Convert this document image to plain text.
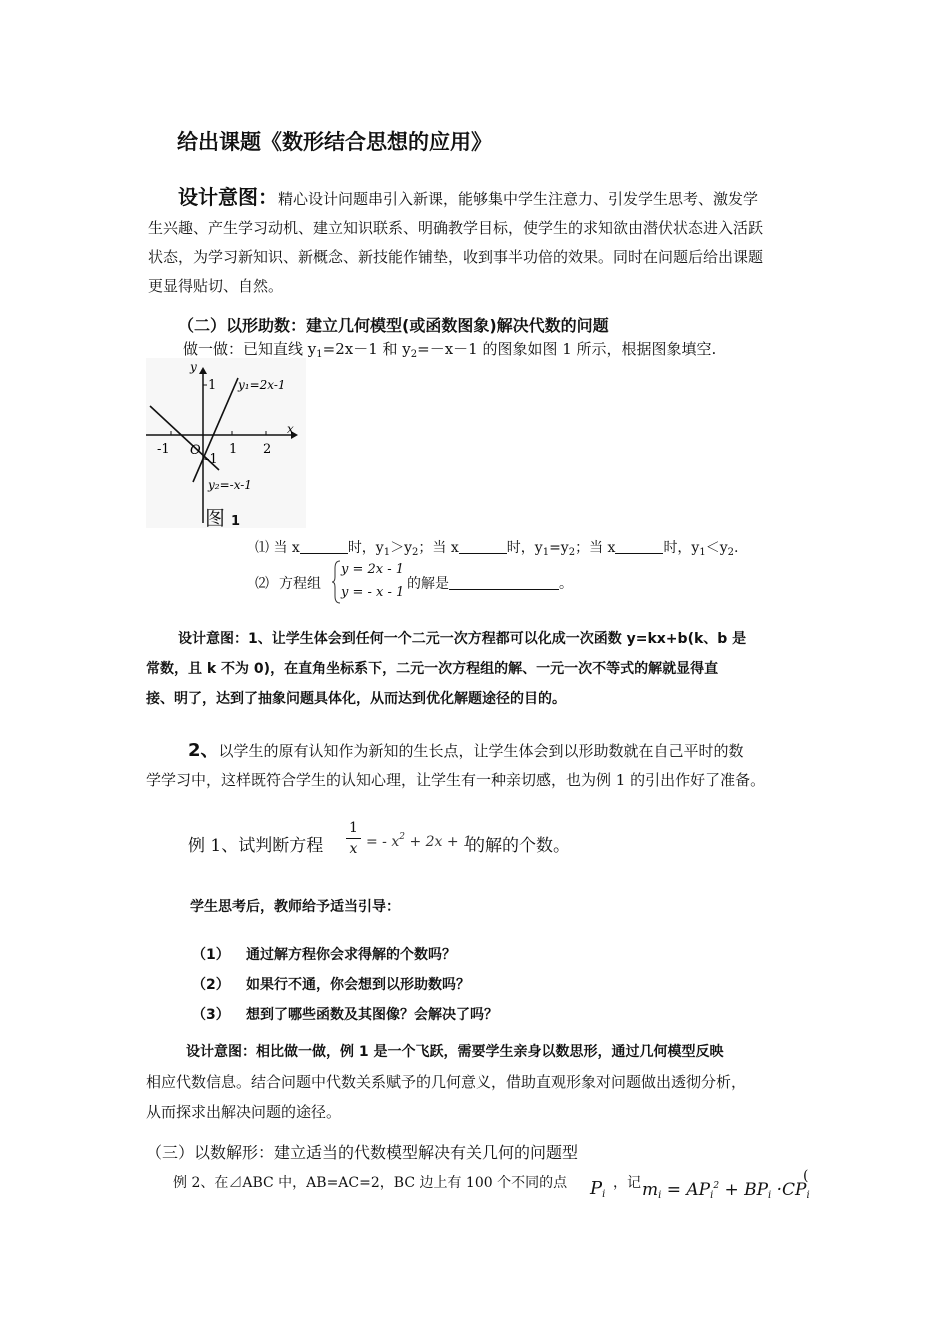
给出课题《数形结合思想的应用》

设计意图：精心设计问题串引入新课，能够集中学生注意力、引发学生思考、激发学
生兴趣、产生学习动机、建立知识联系、明确教学目标，使学生的求知欲由潜伏状态进入活跃
状态，为学习新知识、新概念、新技能作铺垫，收到事半功倍的效果。同时在问题后给出课题
更显得贴切、自然。

（二）以形助数：建立几何模型(或函数图象)解决代数的问题

做一做：已知直线 $y_1=2x-1$ 和 $y_2=-x-1$ 的图象如图 1 所示，根据图象填空.

y
x
O
1
-1
-1	1 2
y₁=2x-1
y₂=-x-1

图 1

⑴ 当 x	时，$y_1>y_2$；当 x	时，$y_1=y_2$；当 x	时，$y_1<y_2$.

⑵ 方程组
y = 2x - 1
y = - x - 1
的解是	。
设计意图：1、让学生体会到任何一个二元一次方程都可以化成一次函数 y=kx+b(k、b 是
常数，且 k 不为 0)，在直角坐标系下，二元一次方程组的解、一元一次不等式的解就显得直
接、明了，达到了抽象问题具体化，从而达到优化解题途径的目的。
2、以学生的原有认知作为新知的生长点，让学生体会到以形助数就在自己平时的数
学学习中，这样既符合学生的认知心理，让学生有一种亲切感，也为例 1 的引出作好了准备。
例 1、试判断方程 $\frac{1}{x}$ = - $x^2 + 2x + 1$
的解的个数。

学生思考后，教师给予适当引导：

（1） 通过解方程你会求得解的个数吗？
（2） 如果行不通，你会想到以形助数吗？
（3） 想到了哪些函数及其图像？会解决了吗？
设计意图：相比做一做，例 1 是一个飞跃，需要学生亲身以数思形，通过几何模型反映
相应代数信息。结合问题中代数关系赋予的几何意义，借助直观形象对问题做出透彻分析，
从而探求出解决问题的途径。

（三）以数解形：建立适当的代数模型解决有关几何的问题型

例 2、在⊿ABC 中，AB=AC=2，BC 边上有 100 个不同的点 $P_i$
，记 $m_i = AP_i^2 + BP_i \cdot CP_i$
(
